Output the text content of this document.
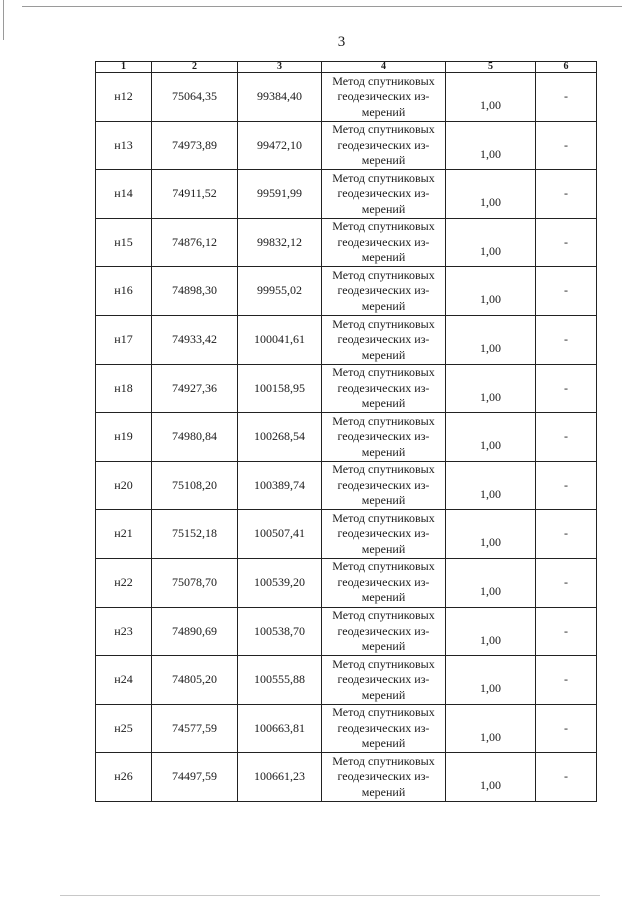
3
1	2	3	4	5	6
н12	75064,35	99384,40	Метод спутниковых
геодезических из-
мерений	1,00	-
н13	74973,89	99472,10	Метод спутниковых
геодезических из-
мерений	1,00	-
н14	74911,52	99591,99	Метод спутниковых
геодезических из-
мерений	1,00	-
н15	74876,12	99832,12	Метод спутниковых
геодезических из-
мерений	1,00	-
н16	74898,30	99955,02	Метод спутниковых
геодезических из-
мерений	1,00	-
н17	74933,42	100041,61	Метод спутниковых
геодезических из-
мерений	1,00	-
н18	74927,36	100158,95	Метод спутниковых
геодезических из-
мерений	1,00	-
н19	74980,84	100268,54	Метод спутниковых
геодезических из-
мерений	1,00	-
н20	75108,20	100389,74	Метод спутниковых
геодезических из-
мерений	1,00	-
н21	75152,18	100507,41	Метод спутниковых
геодезических из-
мерений	1,00	-
н22	75078,70	100539,20	Метод спутниковых
геодезических из-
мерений	1,00	-
н23	74890,69	100538,70	Метод спутниковых
геодезических из-
мерений	1,00	-
н24	74805,20	100555,88	Метод спутниковых
геодезических из-
мерений	1,00	-
н25	74577,59	100663,81	Метод спутниковых
геодезических из-
мерений	1,00	-
н26	74497,59	100661,23	Метод спутниковых
геодезических из-
мерений	1,00	-
